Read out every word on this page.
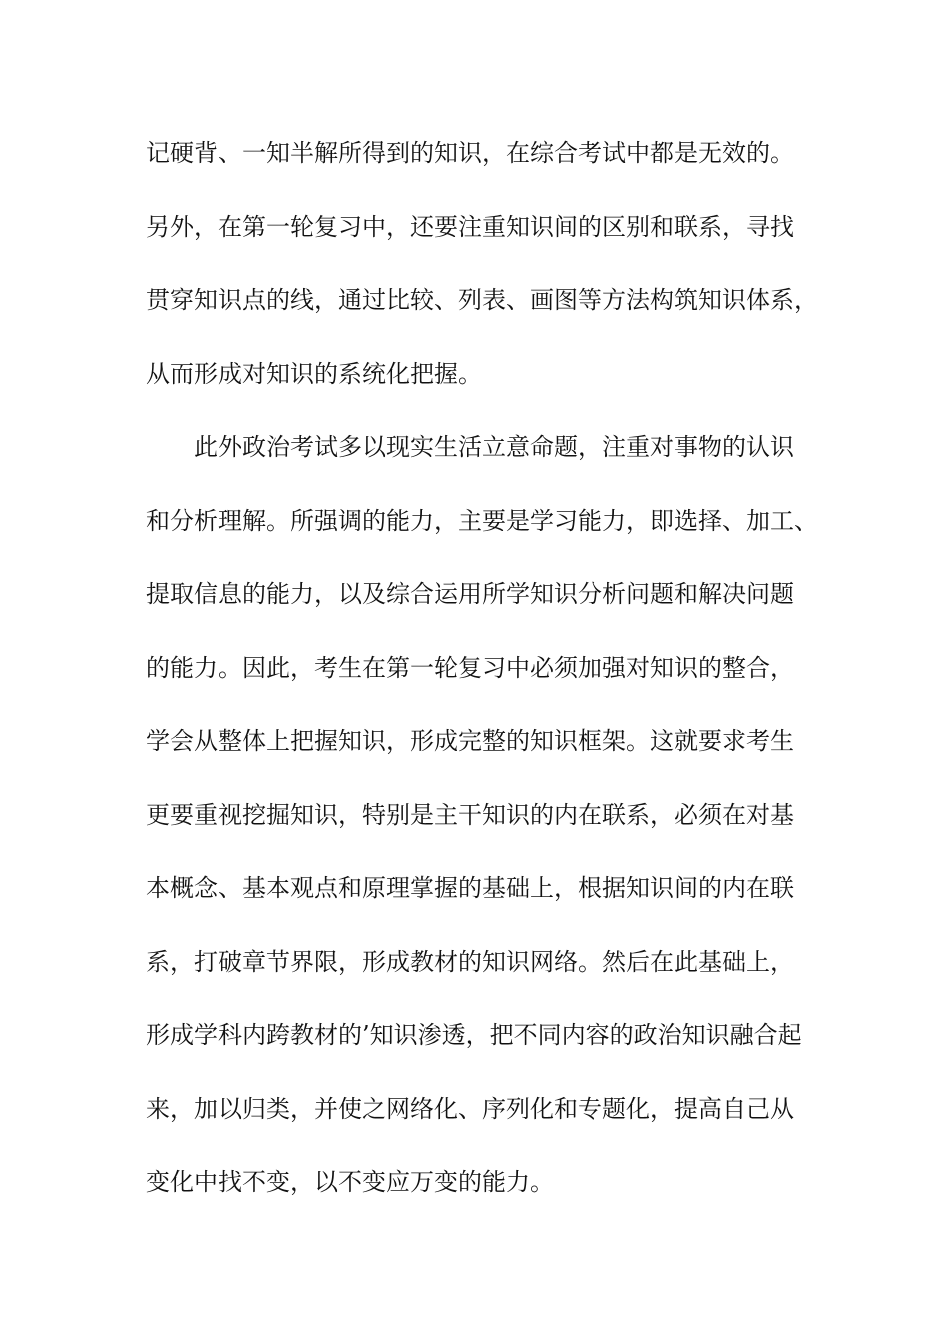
记硬背、一知半解所得到的知识，在综合考试中都是无效的。
另外，在第一轮复习中，还要注重知识间的区别和联系，寻找
贯穿知识点的线，通过比较、列表、画图等方法构筑知识体系，
从而形成对知识的系统化把握。
此外政治考试多以现实生活立意命题，注重对事物的认识
和分析理解。所强调的能力，主要是学习能力，即选择、加工、
提取信息的能力，以及综合运用所学知识分析问题和解决问题
的能力。因此，考生在第一轮复习中必须加强对知识的整合，
学会从整体上把握知识，形成完整的知识框架。这就要求考生
更要重视挖掘知识，特别是主干知识的内在联系，必须在对基
本概念、基本观点和原理掌握的基础上，根据知识间的内在联
系，打破章节界限，形成教材的知识网络。然后在此基础上，
形成学科内跨教材的’知识渗透，把不同内容的政治知识融合起
来，加以归类，并使之网络化、序列化和专题化，提高自己从
变化中找不变，以不变应万变的能力。
